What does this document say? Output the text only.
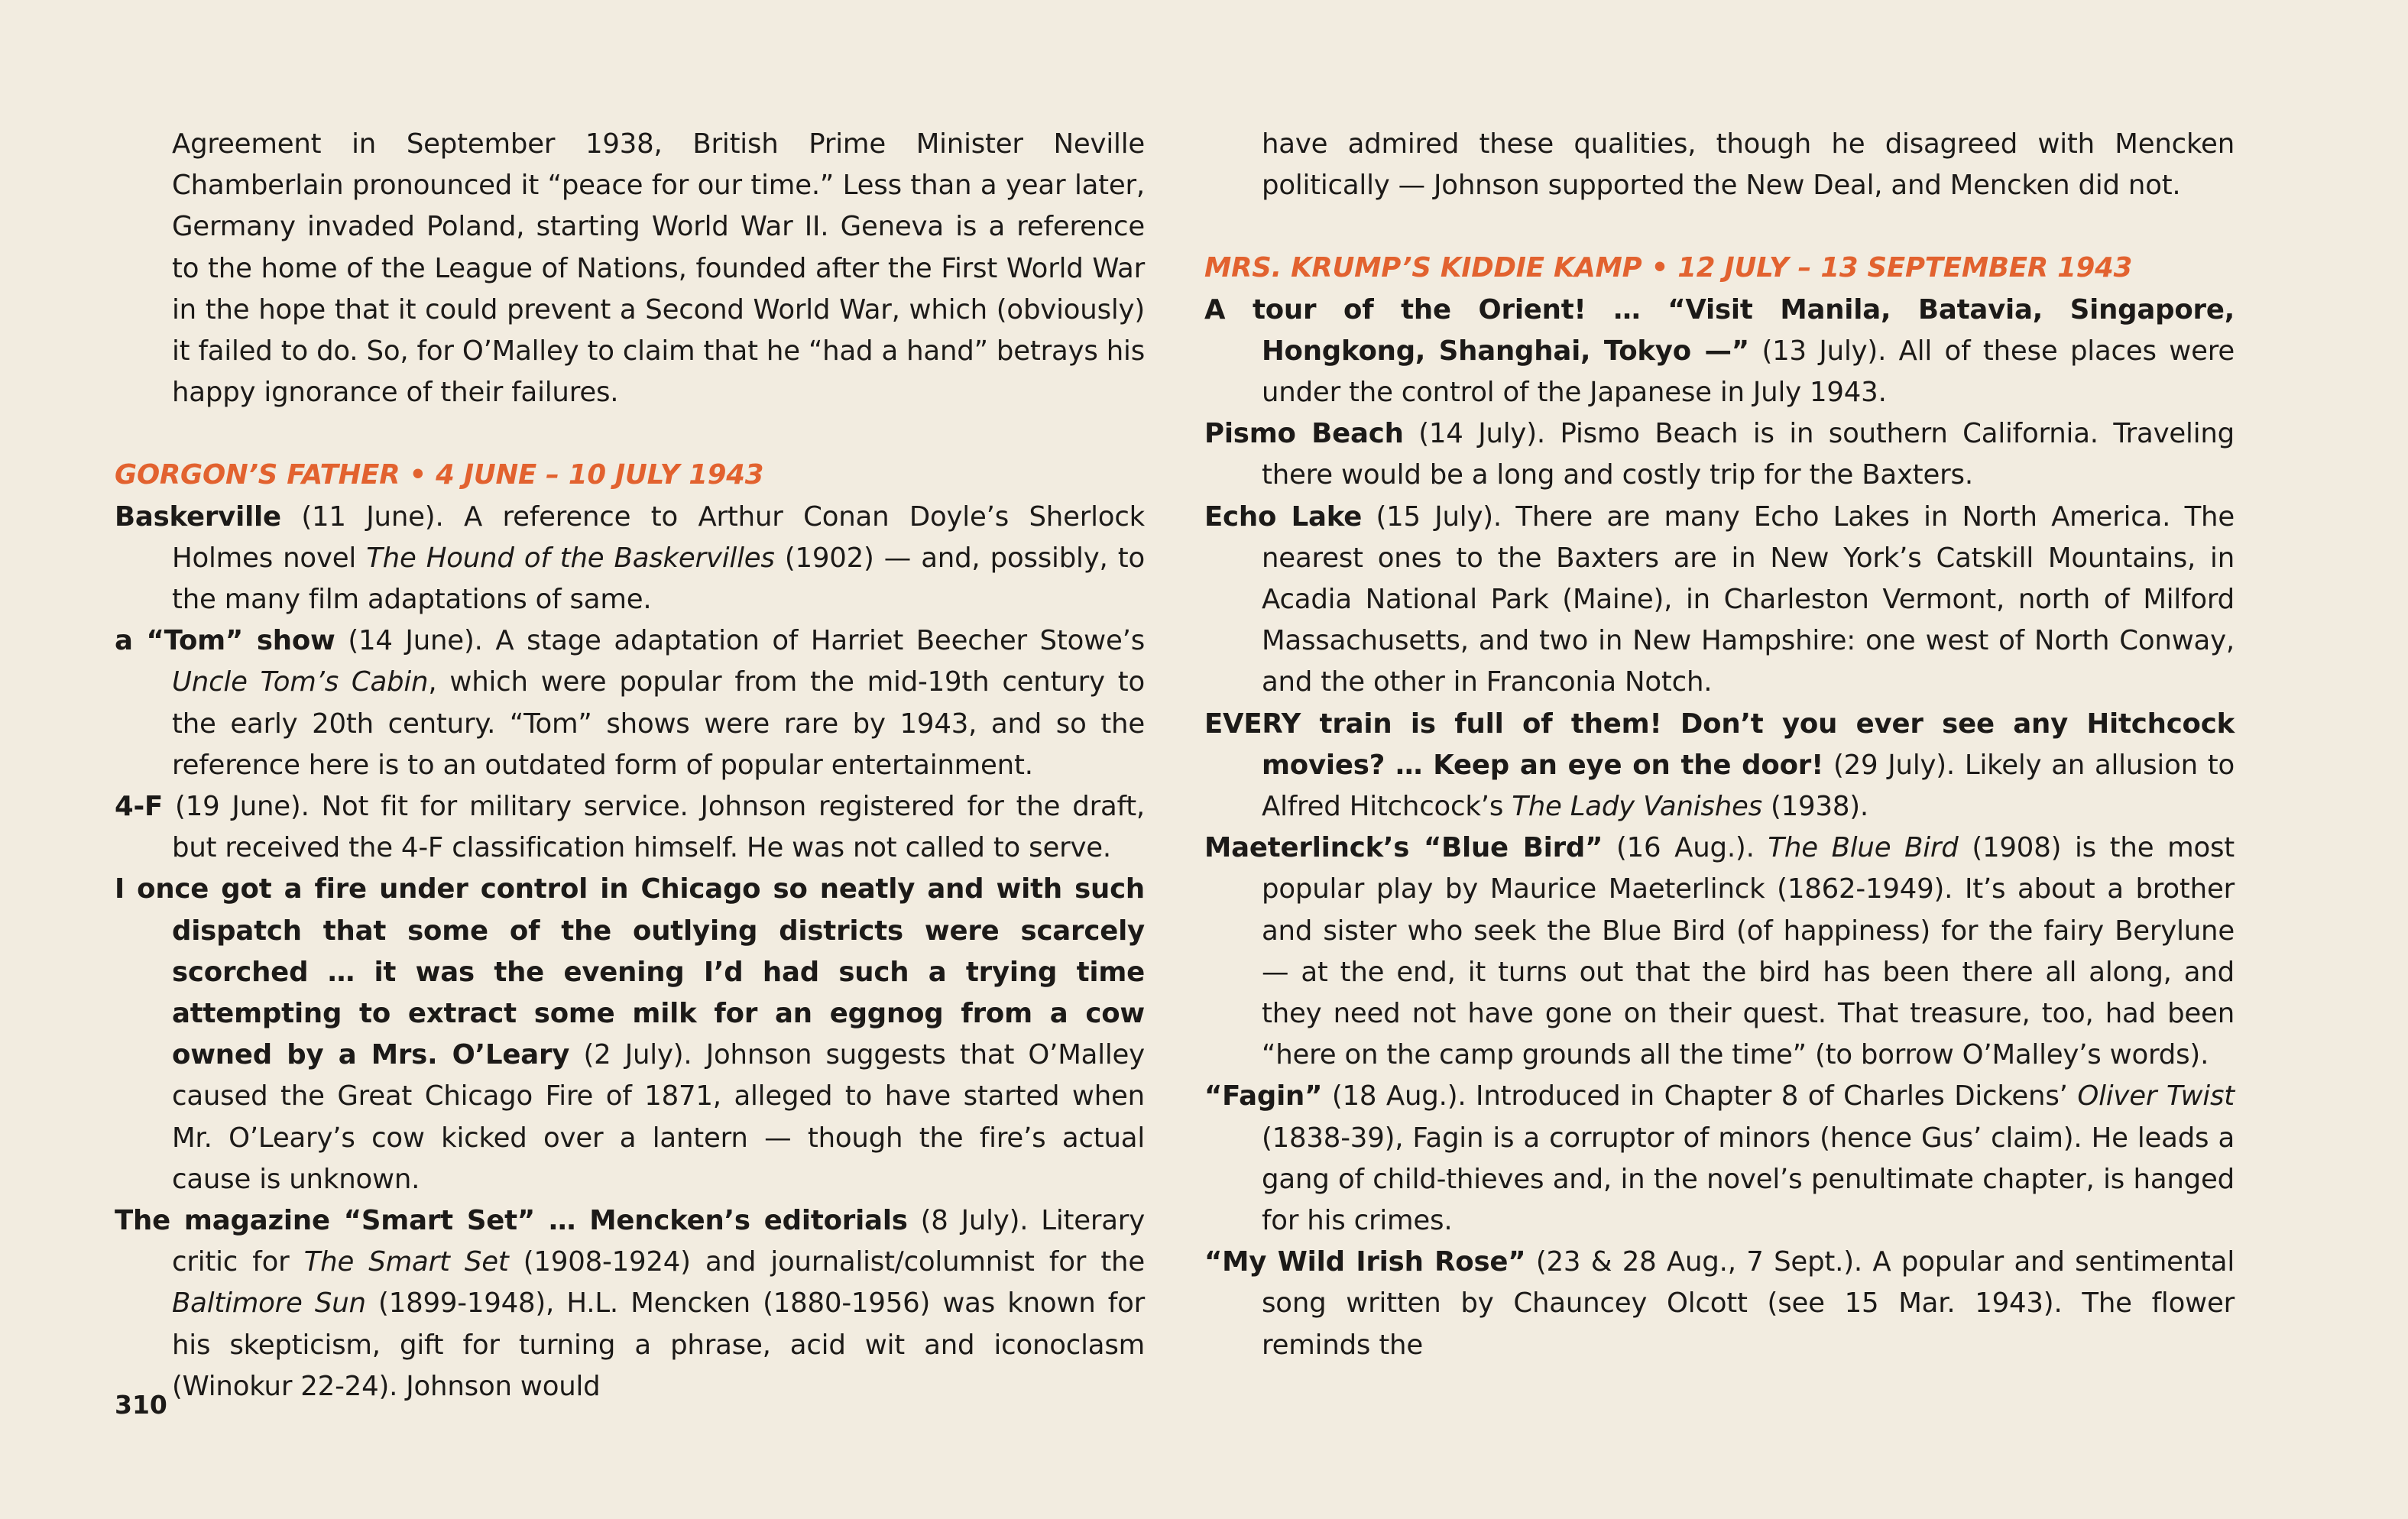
Agreement in September 1938, British Prime Minister Neville Chamberlain pronounced it “peace for our time.” Less than a year later, Germany invaded Poland, starting World War II. Geneva is a reference to the home of the League of Nations, founded after the First World War in the hope that it could prevent a Second World War, which (obviously) it failed to do. So, for O’Malley to claim that he “had a hand” betrays his happy ignorance of their failures.

GORGON’S FATHER • 4 JUNE – 10 JULY 1943

Baskerville (11 June). A reference to Arthur Conan Doyle’s Sherlock Holmes novel The Hound of the Baskervilles (1902) — and, possibly, to the many film adaptations of same.

a “Tom” show (14 June). A stage adaptation of Harriet Beecher Stowe’s Uncle Tom’s Cabin, which were popular from the mid-19th century to the early 20th century. “Tom” shows were rare by 1943, and so the reference here is to an outdated form of popular entertainment.

4-F (19 June). Not fit for military service. Johnson registered for the draft, but received the 4-F classification himself. He was not called to serve.

I once got a fire under control in Chicago so neatly and with such dispatch that some of the outlying districts were scarcely scorched … it was the evening I’d had such a trying time attempting to extract some milk for an eggnog from a cow owned by a Mrs. O’Leary (2 July). Johnson suggests that O’Malley caused the Great Chicago Fire of 1871, alleged to have started when Mr. O’Leary’s cow kicked over a lantern — though the fire’s actual cause is unknown.

The magazine “Smart Set” … Mencken’s editorials (8 July). Literary critic for The Smart Set (1908-1924) and journalist/columnist for the Baltimore Sun (1899-1948), H.L. Mencken (1880-1956) was known for his skepticism, gift for turning a phrase, acid wit and iconoclasm (Winokur 22-24). Johnson would

have admired these qualities, though he disagreed with Mencken politically — Johnson supported the New Deal, and Mencken did not.

MRS. KRUMP’S KIDDIE KAMP • 12 JULY – 13 SEPTEMBER 1943

A tour of the Orient! … “Visit Manila, Batavia, Singapore, Hongkong, Shanghai, Tokyo —” (13 July). All of these places were under the control of the Japanese in July 1943.

Pismo Beach (14 July). Pismo Beach is in southern California. Traveling there would be a long and costly trip for the Baxters.

Echo Lake (15 July). There are many Echo Lakes in North America. The nearest ones to the Baxters are in New York’s Catskill Mountains, in Acadia National Park (Maine), in Charleston Vermont, north of Milford Massachusetts, and two in New Hampshire: one west of North Conway, and the other in Franconia Notch.

EVERY train is full of them! Don’t you ever see any Hitchcock movies? … Keep an eye on the door! (29 July). Likely an allusion to Alfred Hitchcock’s The Lady Vanishes (1938).

Maeterlinck’s “Blue Bird” (16 Aug.). The Blue Bird (1908) is the most popular play by Maurice Maeterlinck (1862-1949). It’s about a brother and sister who seek the Blue Bird (of happiness) for the fairy Berylune — at the end, it turns out that the bird has been there all along, and they need not have gone on their quest. That treasure, too, had been “here on the camp grounds all the time” (to borrow O’Malley’s words).

“Fagin” (18 Aug.). Introduced in Chapter 8 of Charles Dickens’ Oliver Twist (1838-39), Fagin is a corruptor of minors (hence Gus’ claim). He leads a gang of child-thieves and, in the novel’s penultimate chapter, is hanged for his crimes.

“My Wild Irish Rose” (23 & 28 Aug., 7 Sept.). A popular and sentimental song written by Chauncey Olcott (see 15 Mar. 1943). The flower reminds the

310
